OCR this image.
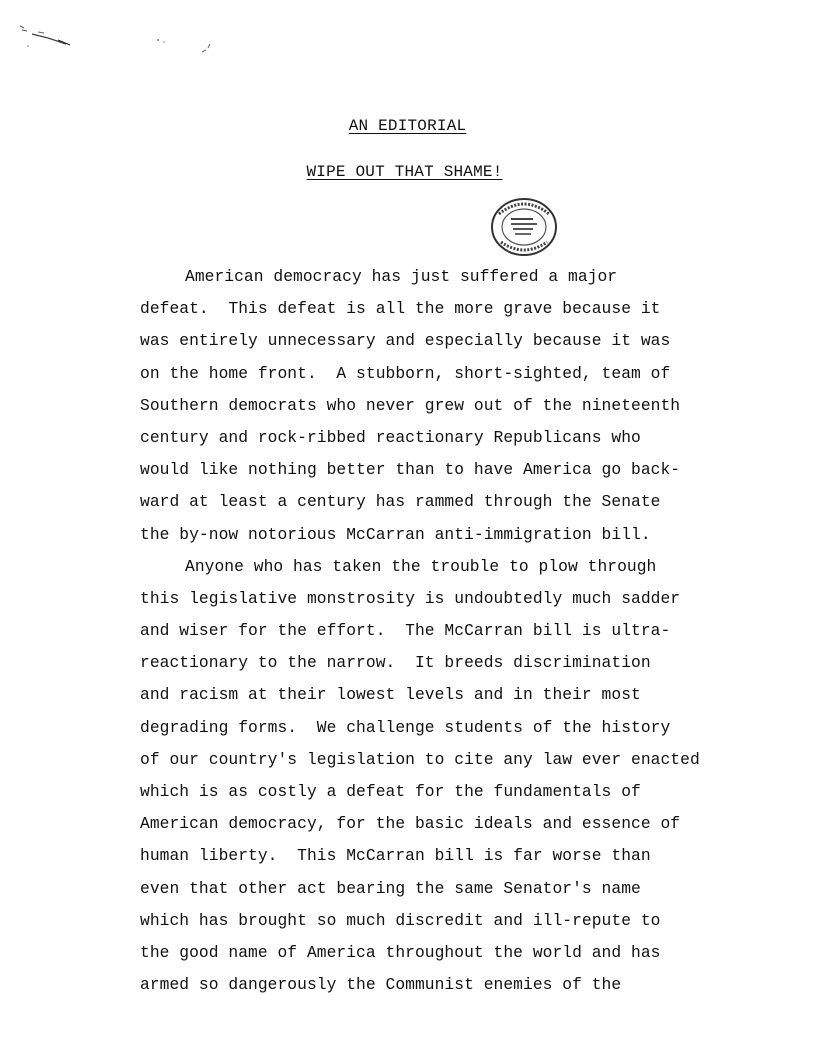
AN EDITORIAL
WIPE OUT THAT SHAME!
American democracy has just suffered a major
defeat.  This defeat is all the more grave because it
was entirely unnecessary and especially because it was
on the home front.  A stubborn, short-sighted, team of
Southern democrats who never grew out of the nineteenth
century and rock-ribbed reactionary Republicans who
would like nothing better than to have America go back-
ward at least a century has rammed through the Senate
the by-now notorious McCarran anti-immigration bill.
Anyone who has taken the trouble to plow through
this legislative monstrosity is undoubtedly much sadder
and wiser for the effort.  The McCarran bill is ultra-
reactionary to the narrow.  It breeds discrimination
and racism at their lowest levels and in their most
degrading forms.  We challenge students of the history
of our country's legislation to cite any law ever enacted
which is as costly a defeat for the fundamentals of
American democracy, for the basic ideals and essence of
human liberty.  This McCarran bill is far worse than
even that other act bearing the same Senator's name
which has brought so much discredit and ill-repute to
the good name of America throughout the world and has
armed so dangerously the Communist enemies of the
